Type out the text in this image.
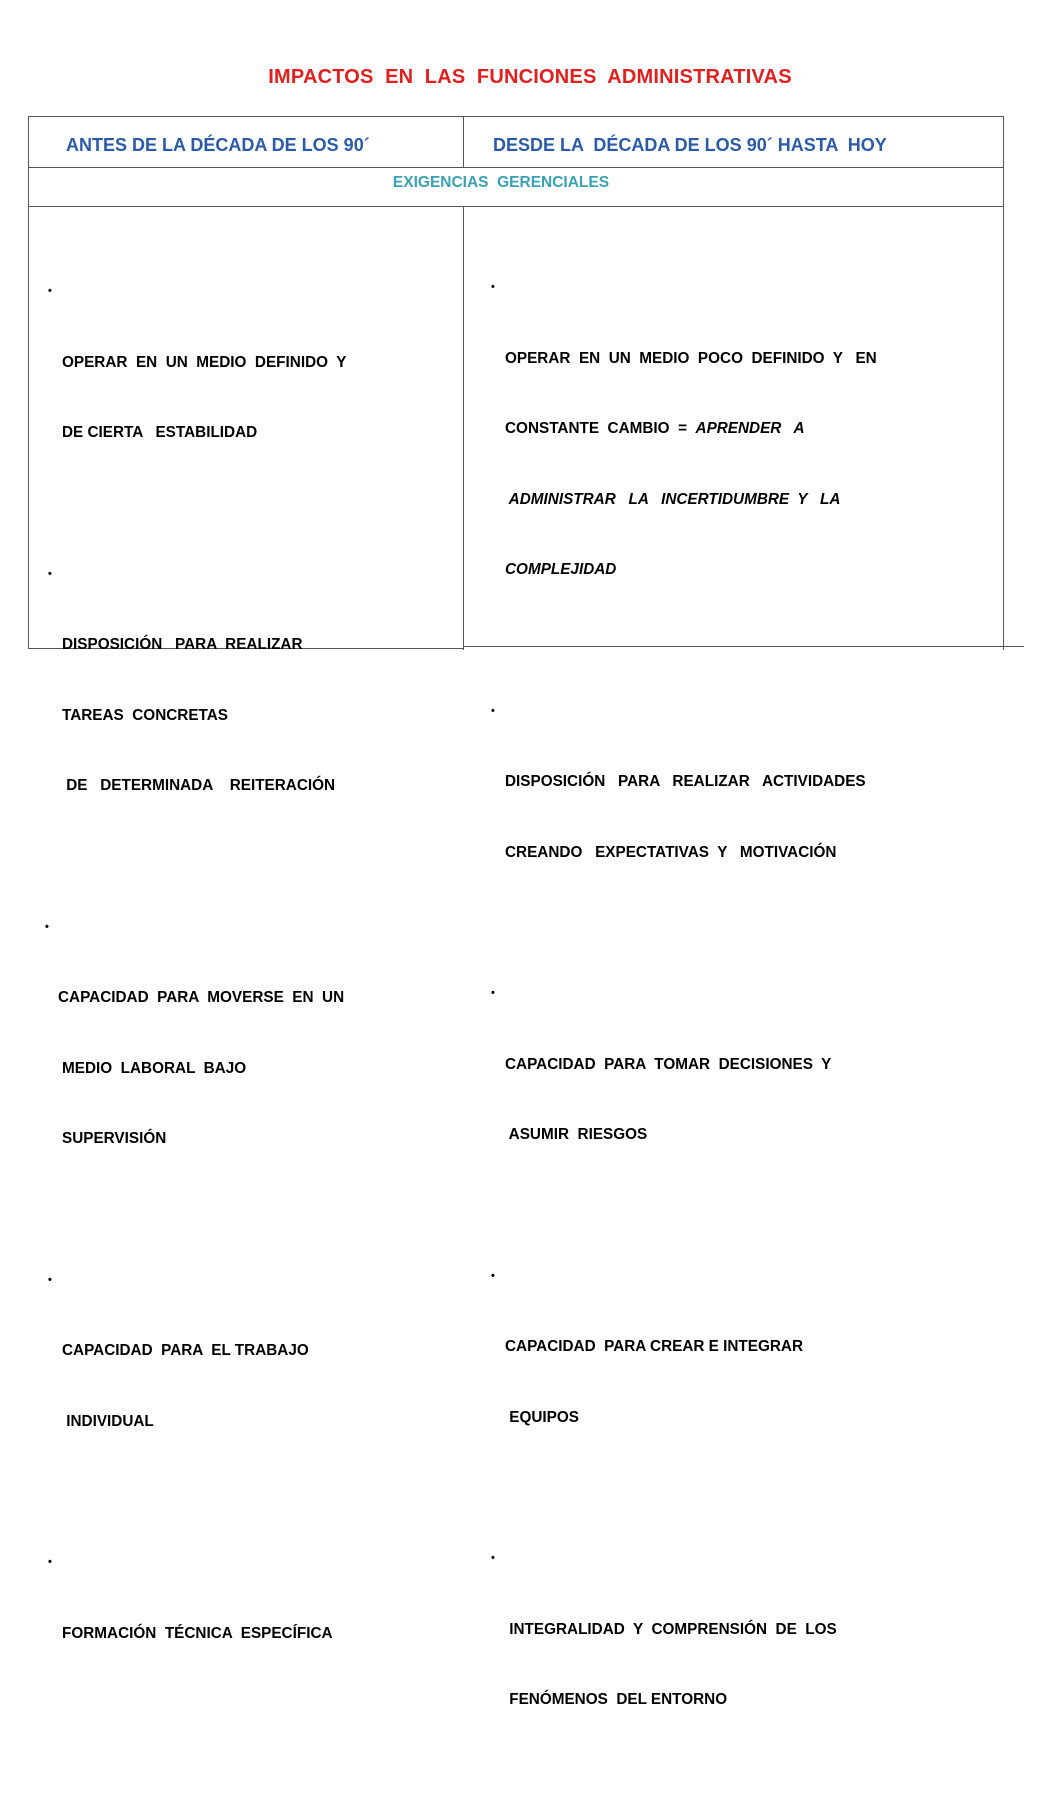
IMPACTOS  EN  LAS  FUNCIONES  ADMINISTRATIVAS
ANTES DE LA DÉCADA DE LOS 90´	DESDE LA  DÉCADA DE LOS 90´ HASTA  HOY
EXIGENCIAS  GERENCIALES

•

OPERAR  EN  UN  MEDIO  DEFINIDO  Y

DE CIERTA   ESTABILIDAD

•

DISPOSICIÓN   PARA  REALIZAR

TAREAS  CONCRETAS

DE   DETERMINADA    REITERACIÓN

•

CAPACIDAD  PARA  MOVERSE  EN  UN

MEDIO  LABORAL  BAJO

SUPERVISIÓN

•

CAPACIDAD  PARA  EL TRABAJO

INDIVIDUAL

•

FORMACIÓN  TÉCNICA  ESPECÍFICA

•

OPERAR  EN  UN  MEDIO  POCO  DEFINIDO  Y   EN

CONSTANTE  CAMBIO  =  APRENDER   A

ADMINISTRAR   LA   INCERTIDUMBRE  Y   LA

COMPLEJIDAD

•

DISPOSICIÓN   PARA   REALIZAR   ACTIVIDADES

CREANDO   EXPECTATIVAS  Y   MOTIVACIÓN

•

CAPACIDAD  PARA  TOMAR  DECISIONES  Y

ASUMIR  RIESGOS

•

CAPACIDAD  PARA CREAR E INTEGRAR

EQUIPOS

•

INTEGRALIDAD  Y  COMPRENSIÓN  DE  LOS

FENÓMENOS  DEL ENTORNO
